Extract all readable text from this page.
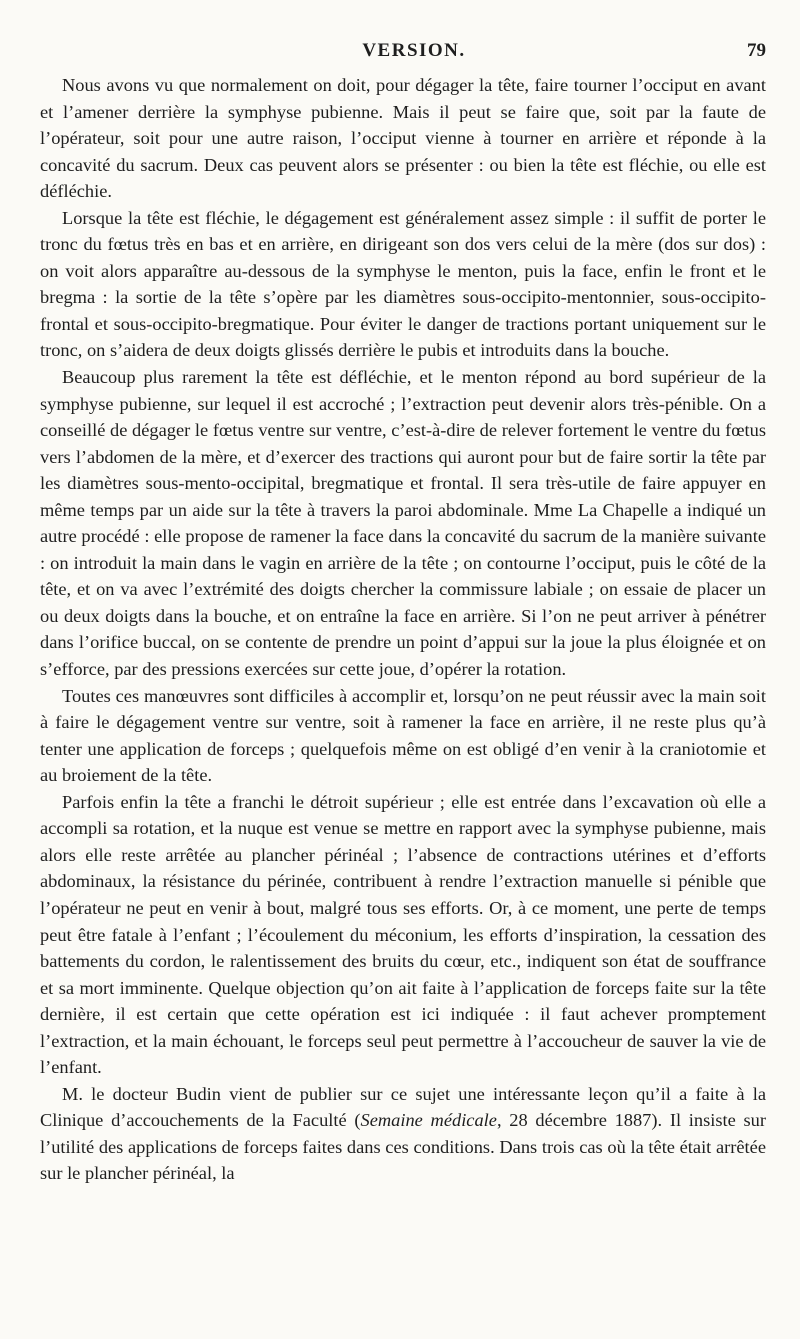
VERSION.	79

Nous avons vu que normalement on doit, pour dégager la tête, faire tourner l’occiput en avant et l’amener derrière la symphyse pubienne. Mais il peut se faire que, soit par la faute de l’opérateur, soit pour une autre raison, l’occiput vienne à tourner en arrière et réponde à la concavité du sacrum. Deux cas peuvent alors se présenter : ou bien la tête est fléchie, ou elle est défléchie.

Lorsque la tête est fléchie, le dégagement est généralement assez simple : il suffit de porter le tronc du fœtus très en bas et en arrière, en dirigeant son dos vers celui de la mère (dos sur dos) : on voit alors apparaître au-dessous de la symphyse le menton, puis la face, enfin le front et le bregma : la sortie de la tête s’opère par les diamètres sous-occipito-mentonnier, sous-occipito-frontal et sous-occipito-bregmatique. Pour éviter le danger de tractions portant uniquement sur le tronc, on s’aidera de deux doigts glissés derrière le pubis et introduits dans la bouche.

Beaucoup plus rarement la tête est défléchie, et le menton répond au bord supérieur de la symphyse pubienne, sur lequel il est accroché ; l’extraction peut devenir alors très-pénible. On a conseillé de dégager le fœtus ventre sur ventre, c’est-à-dire de relever fortement le ventre du fœtus vers l’abdomen de la mère, et d’exercer des tractions qui auront pour but de faire sortir la tête par les diamètres sous-mento-occipital, bregmatique et frontal. Il sera très-utile de faire appuyer en même temps par un aide sur la tête à travers la paroi abdominale. Mme La Chapelle a indiqué un autre procédé : elle propose de ramener la face dans la concavité du sacrum de la manière suivante : on introduit la main dans le vagin en arrière de la tête ; on contourne l’occiput, puis le côté de la tête, et on va avec l’extrémité des doigts chercher la commissure labiale ; on essaie de placer un ou deux doigts dans la bouche, et on entraîne la face en arrière. Si l’on ne peut arriver à pénétrer dans l’orifice buccal, on se contente de prendre un point d’appui sur la joue la plus éloignée et on s’efforce, par des pressions exercées sur cette joue, d’opérer la rotation.

Toutes ces manœuvres sont difficiles à accomplir et, lorsqu’on ne peut réussir avec la main soit à faire le dégagement ventre sur ventre, soit à ramener la face en arrière, il ne reste plus qu’à tenter une application de forceps ; quelquefois même on est obligé d’en venir à la craniotomie et au broiement de la tête.

Parfois enfin la tête a franchi le détroit supérieur ; elle est entrée dans l’excavation où elle a accompli sa rotation, et la nuque est venue se mettre en rapport avec la symphyse pubienne, mais alors elle reste arrêtée au plancher périnéal ; l’absence de contractions utérines et d’efforts abdominaux, la résistance du périnée, contribuent à rendre l’extraction manuelle si pénible que l’opérateur ne peut en venir à bout, malgré tous ses efforts. Or, à ce moment, une perte de temps peut être fatale à l’enfant ; l’écoulement du méconium, les efforts d’inspiration, la cessation des battements du cordon, le ralentissement des bruits du cœur, etc., indiquent son état de souffrance et sa mort imminente. Quelque objection qu’on ait faite à l’application de forceps faite sur la tête dernière, il est certain que cette opération est ici indiquée : il faut achever promptement l’extraction, et la main échouant, le forceps seul peut permettre à l’accoucheur de sauver la vie de l’enfant.

M. le docteur Budin vient de publier sur ce sujet une intéressante leçon qu’il a faite à la Clinique d’accouchements de la Faculté (Semaine médicale, 28 décembre 1887). Il insiste sur l’utilité des applications de forceps faites dans ces conditions. Dans trois cas où la tête était arrêtée sur le plancher périnéal, la
